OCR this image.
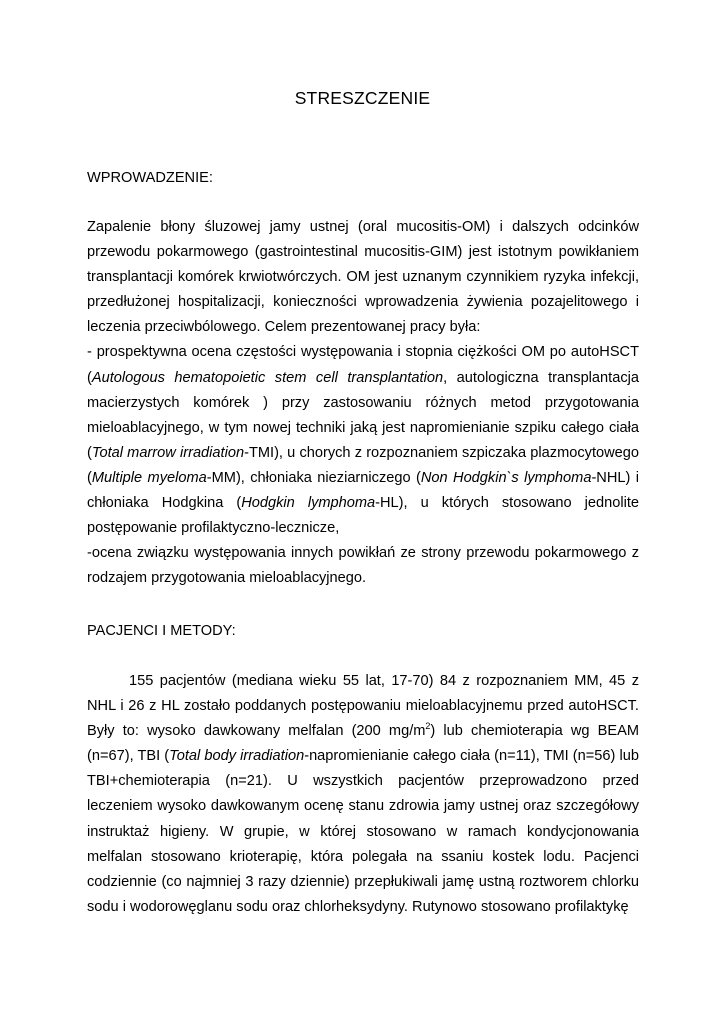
STRESZCZENIE
WPROWADZENIE:

Zapalenie błony śluzowej jamy ustnej (oral mucositis-OM) i dalszych odcinków przewodu pokarmowego (gastrointestinal mucositis-GIM) jest istotnym powikłaniem transplantacji komórek krwiotwórczych. OM jest uznanym czynnikiem ryzyka infekcji, przedłużonej hospitalizacji, konieczności wprowadzenia żywienia pozajelitowego i leczenia przeciwbólowego. Celem prezentowanej pracy była:

- prospektywna ocena częstości występowania i stopnia ciężkości OM po autoHSCT (Autologous hematopoietic stem cell transplantation, autologiczna transplantacja macierzystych komórek ) przy zastosowaniu różnych metod przygotowania mieloablacyjnego, w tym nowej techniki jaką jest napromienianie szpiku całego ciała (Total marrow irradiation-TMI), u chorych z rozpoznaniem szpiczaka plazmocytowego (Multiple myeloma-MM), chłoniaka nieziarniczego (Non Hodgkin`s lymphoma-NHL) i chłoniaka Hodgkina (Hodgkin lymphoma-HL), u których stosowano jednolite postępowanie profilaktyczno-lecznicze,

-ocena związku występowania innych powikłań ze strony przewodu pokarmowego z rodzajem przygotowania mieloablacyjnego.

PACJENCI I METODY:

155 pacjentów (mediana wieku 55 lat, 17-70) 84 z rozpoznaniem MM, 45 z NHL i 26 z HL zostało poddanych postępowaniu mieloablacyjnemu przed autoHSCT. Były to: wysoko dawkowany melfalan (200 $mg/m^2$) lub chemioterapia wg BEAM (n=67), TBI (Total body irradiation-napromienianie całego ciała (n=11), TMI (n=56) lub TBI+chemioterapia (n=21). U wszystkich pacjentów przeprowadzono przed leczeniem wysoko dawkowanym ocenę stanu zdrowia jamy ustnej oraz szczegółowy instruktaż higieny. W grupie, w której stosowano w ramach kondycjonowania melfalan stosowano krioterapię, która polegała na ssaniu kostek lodu. Pacjenci codziennie (co najmniej 3 razy dziennie) przepłukiwali jamę ustną roztworem chlorku sodu i wodorowęglanu sodu oraz chlorheksydyny. Rutynowo stosowano profilaktykę
